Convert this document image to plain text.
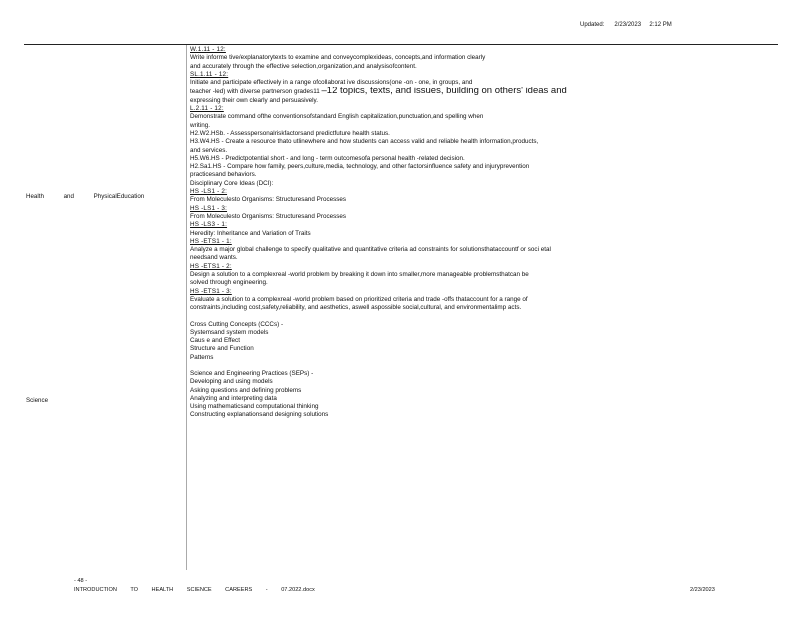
Updated: 2/23/2023 2:12 PM
Health and PhysicalEducation
Science
W.1.11 - 12:
Write informe tive/explanatorytexts to examine and conveycomplexideas, concepts,and information clearly
and accurately through the effective selection,organization,and analysisofcontent.
SL.1.11 - 12:
Initiate and participate effectively in a range ofcollaborat ive discussions(one -on - one, in groups, and
teacher -led) with diverse partnerson grades11 –12 topics, texts, and issues, building on others' ideas and
expressing their own clearly and persuasively.
L.2.11 - 12:
Demonstrate command ofthe conventionsofstandard English capitalization,punctuation,and spelling when
writing.
H2.W2.HSb. - Assesspersonalriskfactorsand predictfuture health status.
H3.W4.HS - Create a resource thato utlinewhere and how students can access valid and reliable health information,products,
and services.
H5.W6.HS - Predictpotential short - and long - term outcomesofa personal health -related decision.
H2.Sa1.HS - Compare how family, peers,culture,media, technology, and other factorsinfluence safety and injuryprevention
practicesand behaviors.
Disciplinary Core Ideas (DCI):
HS -LS1 - 2:
From Moleculesto Organisms: Structuresand Processes
HS -LS1 - 3:
From Moleculesto Organisms: Structuresand Processes
HS -LS3 - 1:
Heredity: Inheritance and Variation of Traits
HS -ETS1 - 1:
Analyze a major global challenge to specify qualitative and quantitative criteria ad constraints for solutionsthataccountf or soci etal
needsand wants.
HS -ETS1 - 2:
Design a solution to a complexreal -world problem by breaking it down into smaller,more manageable problemsthatcan be
solved through engineering.
HS -ETS1 - 3:
Evaluate a solution to a complexreal -world problem based on prioritized criteria and trade -offs thataccount for a range of
constraints,including cost,safety,reliability, and aesthetics, aswell aspossible social,cultural, and environmentalimp acts.
Cross Cutting Concepts (CCCs) -
Systemsand system models
Caus e and Effect
Structure and Function
Patterns
Science and Engineering Practices (SEPs) -
Developing and using models
Asking questions and defining problems
Analyzing and interpreting data
Using mathematicsand computational thinking
Constructing explanationsand designing solutions
- 48 -
INTRODUCTION TO HEALTH SCIENCE CAREERS - 07.2022.docx	2/23/2023
